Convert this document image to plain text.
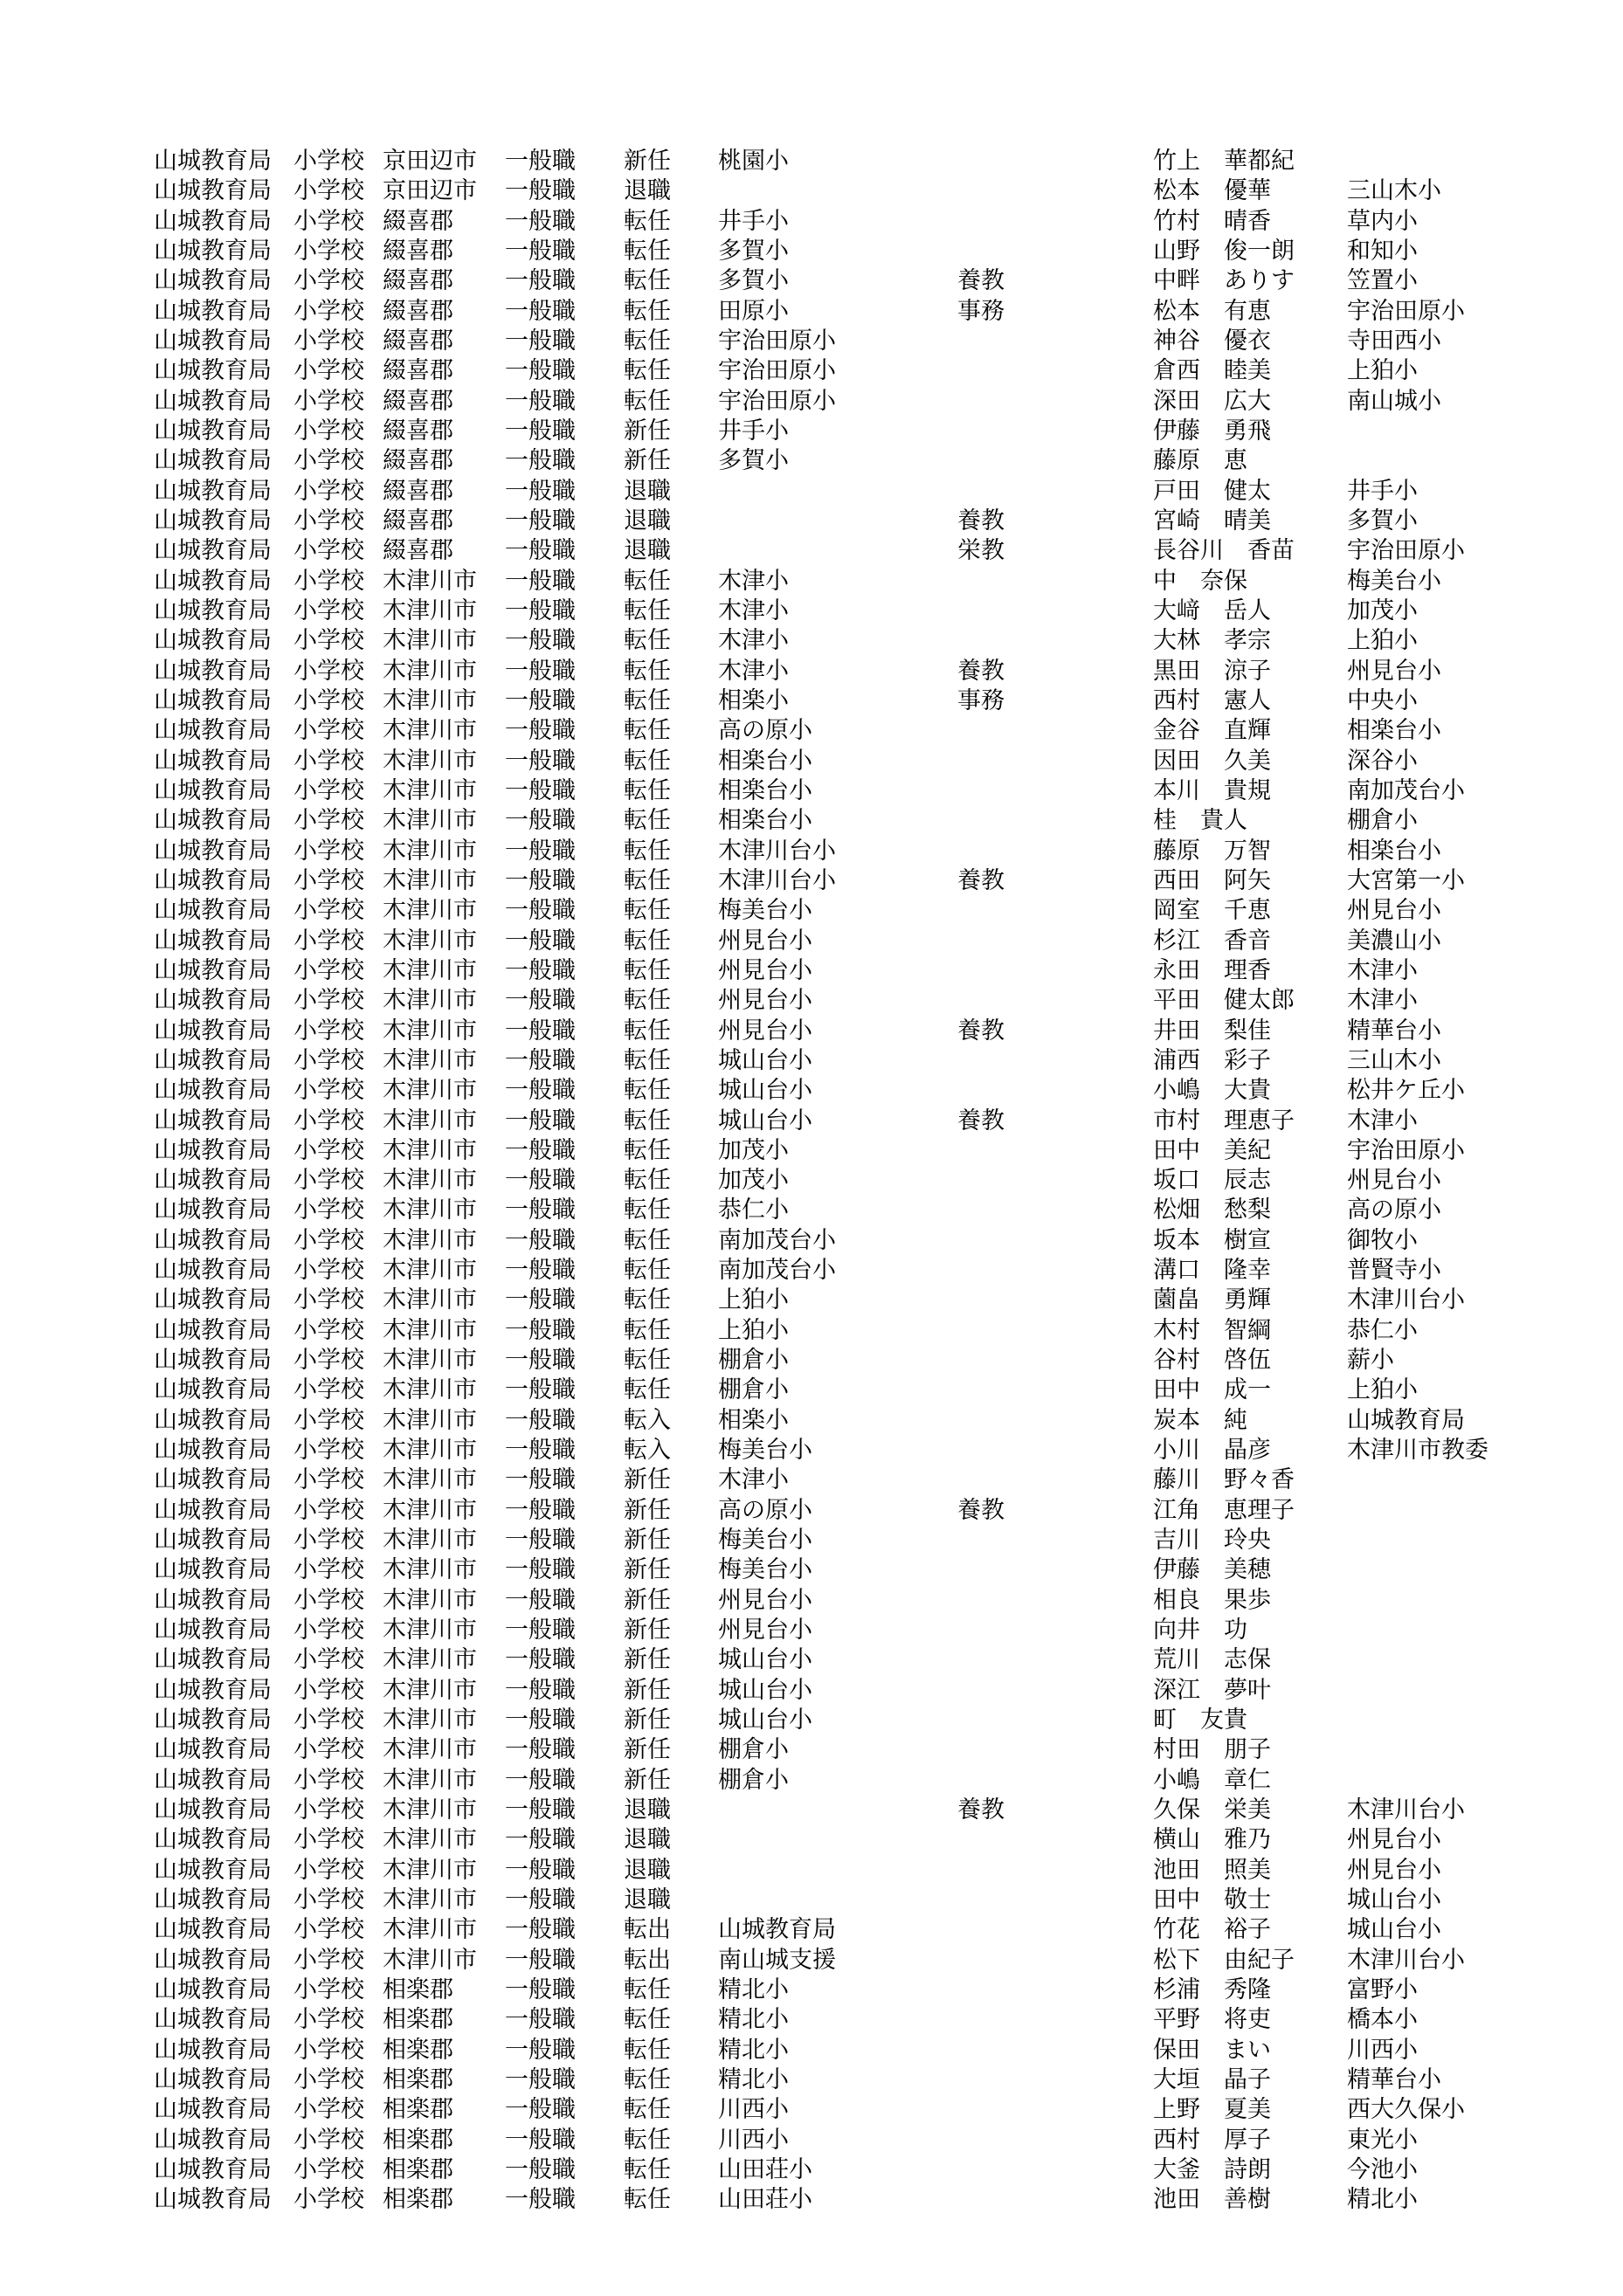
山城教育局 小学校 京田辺市 一般職 新任 桃園小	竹上　華都紀
山城教育局 小学校 京田辺市 一般職 退職	松本　優華	三山木小
山城教育局 小学校 綴喜郡 一般職 転任 井手小	竹村　晴香	草内小
山城教育局 小学校 綴喜郡 一般職 転任 多賀小	山野　俊一朗 和知小
山城教育局 小学校 綴喜郡 一般職 転任 多賀小	養教	中畔　ありす 笠置小
山城教育局 小学校 綴喜郡 一般職 転任 田原小	事務	松本　有恵	宇治田原小
山城教育局 小学校 綴喜郡 一般職 転任 宇治田原小	神谷　優衣	寺田西小
山城教育局 小学校 綴喜郡 一般職 転任 宇治田原小	倉西　睦美	上狛小
山城教育局 小学校 綴喜郡 一般職 転任 宇治田原小	深田　広大	南山城小
山城教育局 小学校 綴喜郡 一般職 新任 井手小	伊藤　勇飛
山城教育局 小学校 綴喜郡 一般職 新任 多賀小	藤原　恵
山城教育局 小学校 綴喜郡 一般職 退職	戸田　健太	井手小
山城教育局 小学校 綴喜郡 一般職 退職	養教	宮崎　晴美	多賀小
山城教育局 小学校 綴喜郡 一般職 退職	栄教	長谷川　香苗 宇治田原小
山城教育局 小学校 木津川市 一般職 転任 木津小	中　奈保	梅美台小
山城教育局 小学校 木津川市 一般職 転任 木津小	大﨑　岳人	加茂小
山城教育局 小学校 木津川市 一般職 転任 木津小	大林　孝宗	上狛小
山城教育局 小学校 木津川市 一般職 転任 木津小	養教	黒田　涼子	州見台小
山城教育局 小学校 木津川市 一般職 転任 相楽小	事務	西村　憲人	中央小
山城教育局 小学校 木津川市 一般職 転任 高の原小	金谷　直輝	相楽台小
山城教育局 小学校 木津川市 一般職 転任 相楽台小	因田　久美	深谷小
山城教育局 小学校 木津川市 一般職 転任 相楽台小	本川　貴規	南加茂台小
山城教育局 小学校 木津川市 一般職 転任 相楽台小	桂　貴人	棚倉小
山城教育局 小学校 木津川市 一般職 転任 木津川台小	藤原　万智	相楽台小
山城教育局 小学校 木津川市 一般職 転任 木津川台小	養教	西田　阿矢	大宮第一小
山城教育局 小学校 木津川市 一般職 転任 梅美台小	岡室　千恵	州見台小
山城教育局 小学校 木津川市 一般職 転任 州見台小	杉江　香音	美濃山小
山城教育局 小学校 木津川市 一般職 転任 州見台小	永田　理香	木津小
山城教育局 小学校 木津川市 一般職 転任 州見台小	平田　健太郎 木津小
山城教育局 小学校 木津川市 一般職 転任 州見台小	養教	井田　梨佳	精華台小
山城教育局 小学校 木津川市 一般職 転任 城山台小	浦西　彩子	三山木小
山城教育局 小学校 木津川市 一般職 転任 城山台小	小嶋　大貴	松井ケ丘小
山城教育局 小学校 木津川市 一般職 転任 城山台小	養教	市村　理恵子 木津小
山城教育局 小学校 木津川市 一般職 転任 加茂小	田中　美紀	宇治田原小
山城教育局 小学校 木津川市 一般職 転任 加茂小	坂口　辰志	州見台小
山城教育局 小学校 木津川市 一般職 転任 恭仁小	松畑　愁梨	高の原小
山城教育局 小学校 木津川市 一般職 転任 南加茂台小	坂本　樹宣	御牧小
山城教育局 小学校 木津川市 一般職 転任 南加茂台小	溝口　隆幸	普賢寺小
山城教育局 小学校 木津川市 一般職 転任 上狛小	薗畠　勇輝	木津川台小
山城教育局 小学校 木津川市 一般職 転任 上狛小	木村　智綱	恭仁小
山城教育局 小学校 木津川市 一般職 転任 棚倉小	谷村　啓伍	薪小
山城教育局 小学校 木津川市 一般職 転任 棚倉小	田中　成一	上狛小
山城教育局 小学校 木津川市 一般職 転入 相楽小	炭本　純	山城教育局
山城教育局 小学校 木津川市 一般職 転入 梅美台小	小川　晶彦	木津川市教委
山城教育局 小学校 木津川市 一般職 新任 木津小	藤川　野々香
山城教育局 小学校 木津川市 一般職 新任 高の原小	養教	江角　恵理子
山城教育局 小学校 木津川市 一般職 新任 梅美台小	吉川　玲央
山城教育局 小学校 木津川市 一般職 新任 梅美台小	伊藤　美穂
山城教育局 小学校 木津川市 一般職 新任 州見台小	相良　果歩
山城教育局 小学校 木津川市 一般職 新任 州見台小	向井　功
山城教育局 小学校 木津川市 一般職 新任 城山台小	荒川　志保
山城教育局 小学校 木津川市 一般職 新任 城山台小	深江　夢叶
山城教育局 小学校 木津川市 一般職 新任 城山台小	町　友貴
山城教育局 小学校 木津川市 一般職 新任 棚倉小	村田　朋子
山城教育局 小学校 木津川市 一般職 新任 棚倉小	小嶋　章仁
山城教育局 小学校 木津川市 一般職 退職	養教	久保　栄美	木津川台小
山城教育局 小学校 木津川市 一般職 退職	横山　雅乃	州見台小
山城教育局 小学校 木津川市 一般職 退職	池田　照美	州見台小
山城教育局 小学校 木津川市 一般職 退職	田中　敬士	城山台小
山城教育局 小学校 木津川市 一般職 転出 山城教育局	竹花　裕子	城山台小
山城教育局 小学校 木津川市 一般職 転出 南山城支援	松下　由紀子 木津川台小
山城教育局 小学校 相楽郡 一般職 転任 精北小	杉浦　秀隆	富野小
山城教育局 小学校 相楽郡 一般職 転任 精北小	平野　将吏	橋本小
山城教育局 小学校 相楽郡 一般職 転任 精北小	保田　まい	川西小
山城教育局 小学校 相楽郡 一般職 転任 精北小	大垣　晶子	精華台小
山城教育局 小学校 相楽郡 一般職 転任 川西小	上野　夏美	西大久保小
山城教育局 小学校 相楽郡 一般職 転任 川西小	西村　厚子	東光小
山城教育局 小学校 相楽郡 一般職 転任 山田荘小	大釜　詩朗	今池小
山城教育局 小学校 相楽郡 一般職 転任 山田荘小	池田　善樹	精北小
